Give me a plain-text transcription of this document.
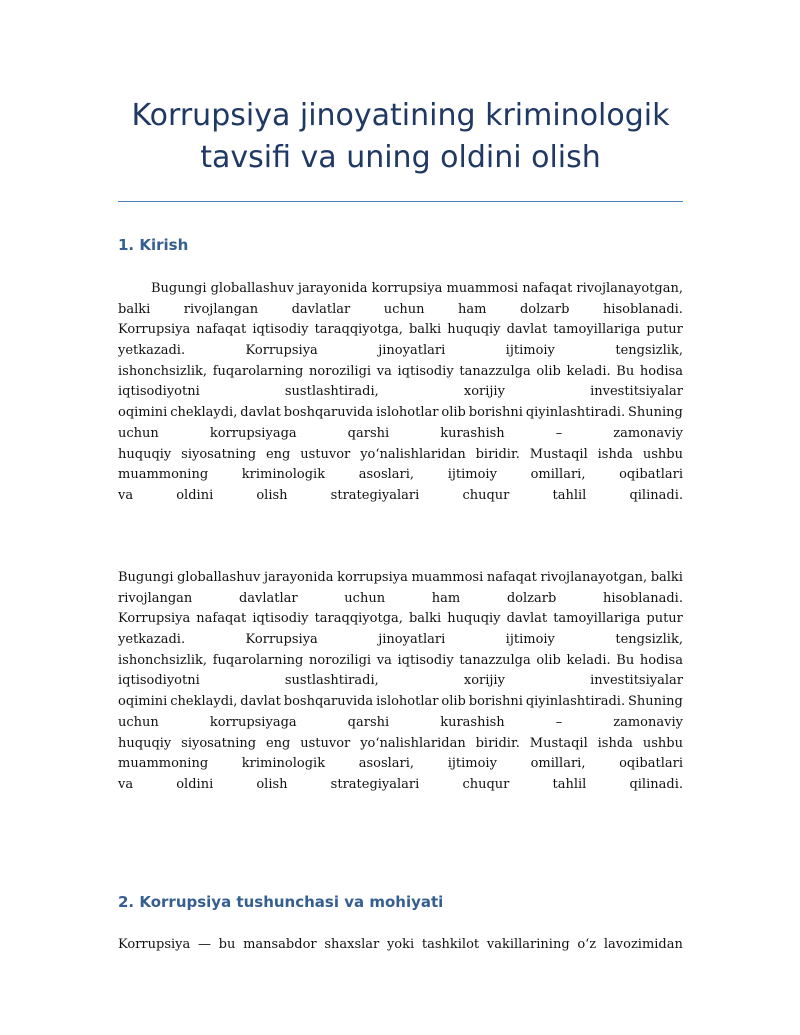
Korrupsiya jinoyatining kriminologik
tavsifi va uning oldini olish
1. Kirish
Bugungi globallashuv jarayonida korrupsiya muammosi nafaqat rivojlanayotgan,
balki	rivojlangan	davlatlar	uchun	ham	dolzarb	hisoblanadi.
Korrupsiya nafaqat iqtisodiy taraqqiyotga, balki huquqiy davlat tamoyillariga putur
yetkazadi.	Korrupsiya	jinoyatlari	ijtimoiy	tengsizlik,
ishonchsizlik, fuqarolarning noroziligi va iqtisodiy tanazzulga olib keladi. Bu hodisa
iqtisodiyotni	sustlashtiradi,	xorijiy	investitsiyalar
oqimini cheklaydi, davlat boshqaruvida islohotlar olib borishni qiyinlashtiradi. Shuning
uchun	korrupsiyaga	qarshi	kurashish	–	zamonaviy
huquqiy siyosatning eng ustuvor yo‘nalishlaridan biridir. Mustaqil ishda ushbu
muammoning	kriminologik	asoslari,	ijtimoiy	omillari,	oqibatlari
va	oldini	olish	strategiyalari	chuqur	tahlil	qilinadi.
Bugungi globallashuv jarayonida korrupsiya muammosi nafaqat rivojlanayotgan, balki
rivojlangan	davlatlar	uchun	ham	dolzarb	hisoblanadi.
Korrupsiya nafaqat iqtisodiy taraqqiyotga, balki huquqiy davlat tamoyillariga putur
yetkazadi.	Korrupsiya	jinoyatlari	ijtimoiy	tengsizlik,
ishonchsizlik, fuqarolarning noroziligi va iqtisodiy tanazzulga olib keladi. Bu hodisa
iqtisodiyotni	sustlashtiradi,	xorijiy	investitsiyalar
oqimini cheklaydi, davlat boshqaruvida islohotlar olib borishni qiyinlashtiradi. Shuning
uchun	korrupsiyaga	qarshi	kurashish	–	zamonaviy
huquqiy siyosatning eng ustuvor yo‘nalishlaridan biridir. Mustaqil ishda ushbu
muammoning	kriminologik	asoslari,	ijtimoiy	omillari,	oqibatlari
va	oldini	olish	strategiyalari	chuqur	tahlil	qilinadi.
2. Korrupsiya tushunchasi va mohiyati
Korrupsiya — bu mansabdor shaxslar yoki tashkilot vakillarining o‘z lavozimidan
